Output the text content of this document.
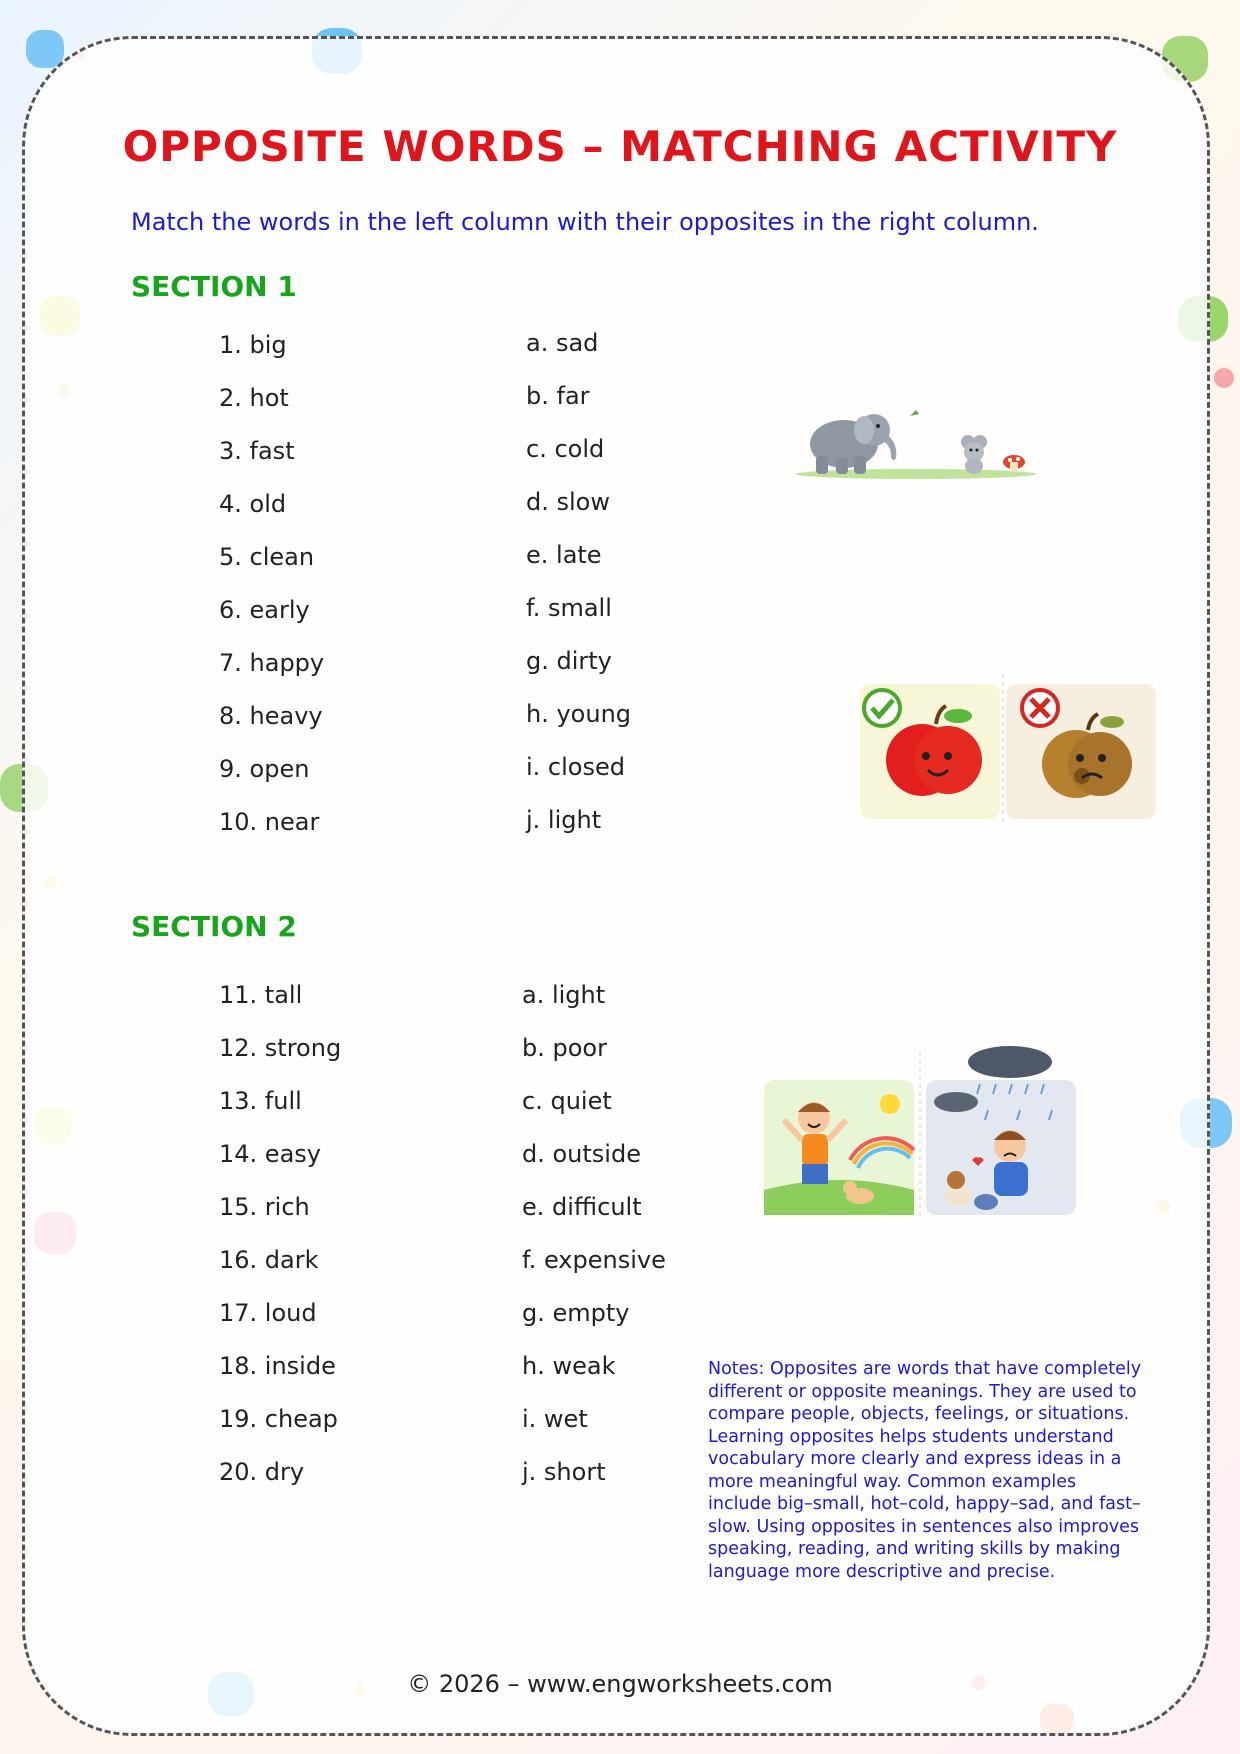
OPPOSITE WORDS – MATCHING ACTIVITY

Match the words in the left column with their opposites in the right column.

SECTION 1
1. big
2. hot
3. fast
4. old
5. clean
6. early
7. happy
8. heavy
9. open
10. near
a. sad
b. far
c. cold
d. slow
e. late
f. small
g. dirty
h. young
i. closed
j. light
SECTION 2
11. tall
12. strong
13. full
14. easy
15. rich
16. dark
17. loud
18. inside
19. cheap
20. dry
a. light
b. poor
c. quiet
d. outside
e. difficult
f. expensive
g. empty
h. weak
i. wet
j. short

Notes: Opposites are words that have completely different or opposite meanings. They are used to compare people, objects, feelings, or situations. Learning opposites helps students understand vocabulary more clearly and express ideas in a more meaningful way. Common examples include big–small, hot–cold, happy–sad, and fast–slow. Using opposites in sentences also improves speaking, reading, and writing skills by making language more descriptive and precise.

© 2026 – www.engworksheets.com
